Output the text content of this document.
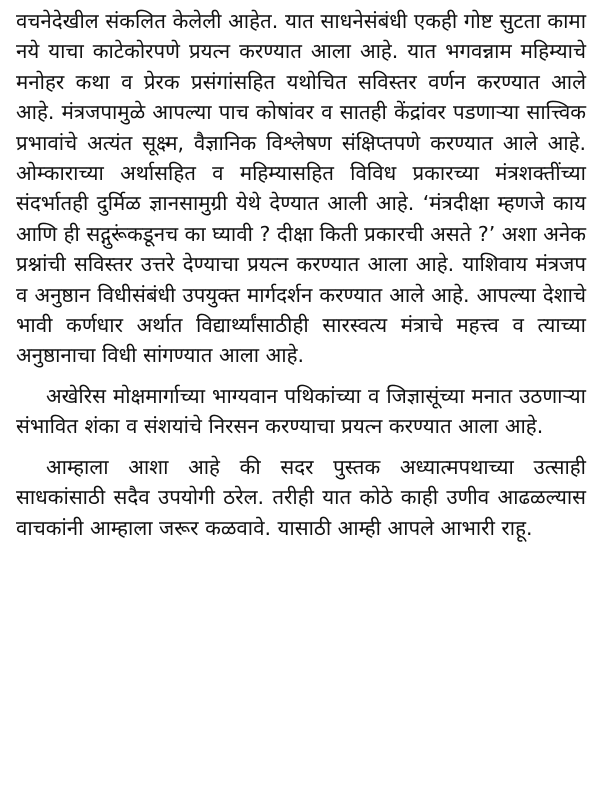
वचनेदेखील संकलित केलेली आहेत. यात साधनेसंबंधी एकही गोष्ट सुटता कामा नये याचा काटेकोरपणे प्रयत्न करण्यात आला आहे. यात भगवन्नाम महिम्याचे मनोहर कथा व प्रेरक प्रसंगांसहित यथोचित सविस्तर वर्णन करण्यात आले आहे. मंत्रजपामुळे आपल्या पाच कोषांवर व सातही केंद्रांवर पडणाऱ्या सात्त्विक प्रभावांचे अत्यंत सूक्ष्म, वैज्ञानिक विश्लेषण संक्षिप्तपणे करण्यात आले आहे. ओम्काराच्या अर्थासहित व महिम्यासहित विविध प्रकारच्या मंत्रशक्तींच्या संदर्भातही दुर्मिळ ज्ञानसामुग्री येथे देण्यात आली आहे. ‘मंत्रदीक्षा म्हणजे काय आणि ही सद्गुरूंकडूनच का घ्यावी ? दीक्षा किती प्रकारची असते ?’ अशा अनेक प्रश्नांची सविस्तर उत्तरे देण्याचा प्रयत्न करण्यात आला आहे. याशिवाय मंत्रजप व अनुष्ठान विधीसंबंधी उपयुक्त मार्गदर्शन करण्यात आले आहे. आपल्या देशाचे भावी कर्णधार अर्थात विद्यार्थ्यांसाठीही सारस्वत्य मंत्राचे महत्त्व व त्याच्या अनुष्ठानाचा विधी सांगण्यात आला आहे.

अखेरिस मोक्षमार्गाच्या भाग्यवान पथिकांच्या व जिज्ञासूंच्या मनात उठणाऱ्या संभावित शंका व संशयांचे निरसन करण्याचा प्रयत्न करण्यात आला आहे.

आम्हाला आशा आहे की सदर पुस्तक अध्यात्मपथाच्या उत्साही साधकांसाठी सदैव उपयोगी ठरेल. तरीही यात कोठे काही उणीव आढळल्यास वाचकांनी आम्हाला जरूर कळवावे. यासाठी आम्ही आपले आभारी राहू.
